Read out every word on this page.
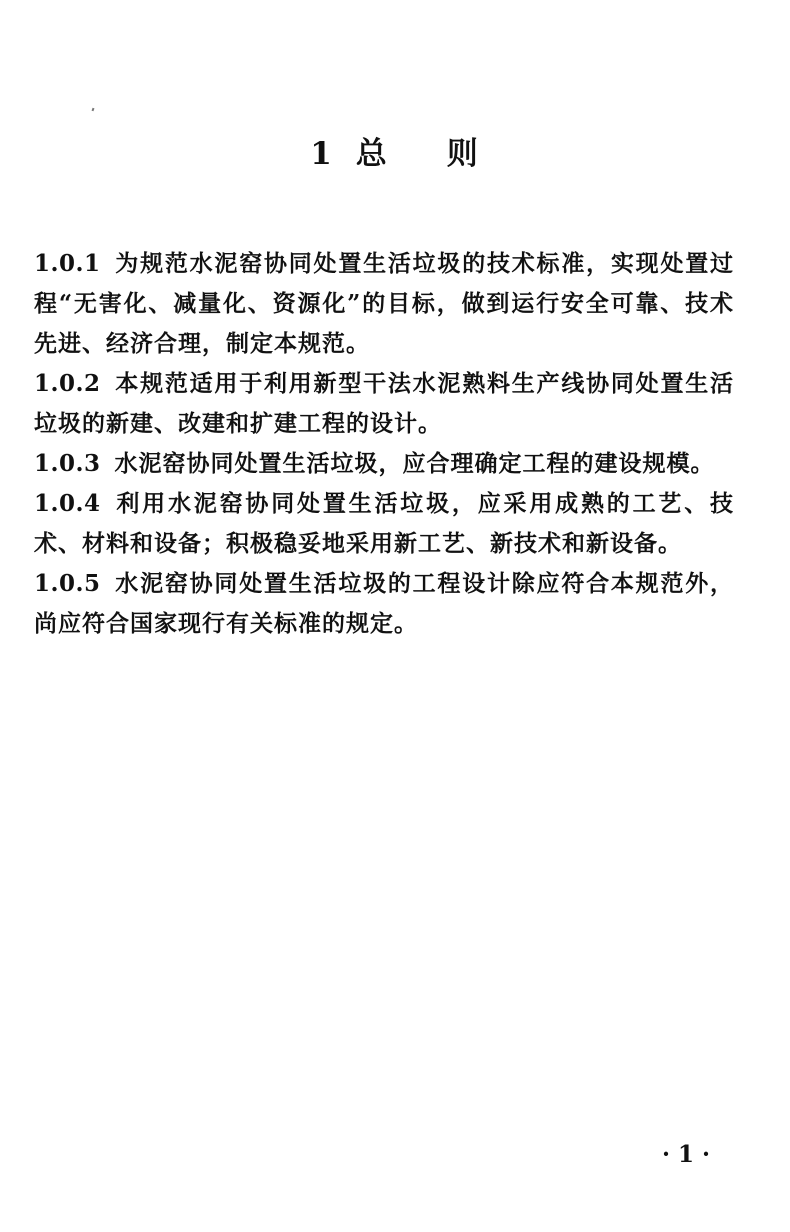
1 总 则
1.0.1 为规范水泥窑协同处置生活垃圾的技术标准，实现处置过程“无害化、减量化、资源化”的目标，做到运行安全可靠、技术先进、经济合理，制定本规范。
1.0.2 本规范适用于利用新型干法水泥熟料生产线协同处置生活垃圾的新建、改建和扩建工程的设计。
1.0.3 水泥窑协同处置生活垃圾，应合理确定工程的建设规模。
1.0.4 利用水泥窑协同处置生活垃圾，应采用成熟的工艺、技术、材料和设备；积极稳妥地采用新工艺、新技术和新设备。
1.0.5 水泥窑协同处置生活垃圾的工程设计除应符合本规范外，尚应符合国家现行有关标准的规定。
· 1 ·
